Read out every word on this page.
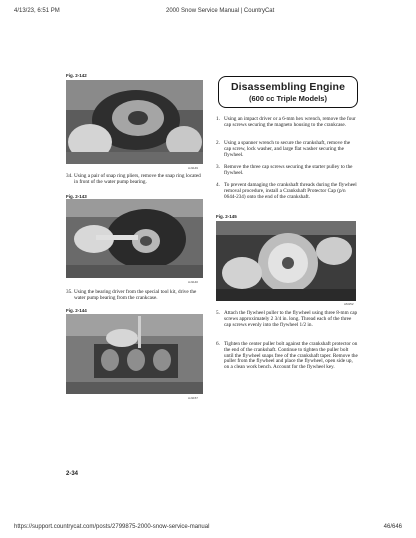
4/13/23, 6:51 PM	2000 Snow Service Manual | CountryCat
https://support.countrycat.com/posts/2799875-2000-snow-service-manual	46/646
Fig. 2-142
AJ1149
34. Using a pair of snap ring pliers, remove the snap ring located in front of the water pump bearing.
Fig. 2-143
AJ1140
35. Using the bearing driver from the special tool kit, drive the water pump bearing from the crankcase.
Fig. 2-144
AJ1157
2-34
Disassembling Engine
(600 cc Triple Models)
1. Using an impact driver or a 6-mm hex wrench, remove the four cap screws securing the magneto housing to the crankcase.
2. Using a spanner wrench to secure the crankshaft, remove the cap screw, lock washer, and large flat washer securing the flywheel.
3. Remove the three cap screws securing the starter pulley to the flywheel.
4. To prevent damaging the crankshaft threads during the flywheel removal procedure, install a Crankshaft Protector Cap (p/n 0644-234) onto the end of the crankshaft.
Fig. 2-145
AM152
5. Attach the flywheel puller to the flywheel using three 8-mm cap screws approximately 2 3/4 in. long. Thread each of the three cap screws evenly into the flywheel 1/2 in.
6. Tighten the center puller bolt against the crankshaft protector on the end of the crankshaft. Continue to tighten the puller bolt until the flywheel snaps free of the crankshaft taper. Remove the puller from the flywheel and place the flywheel, open side up, on a clean work bench. Account for the flywheel key.
